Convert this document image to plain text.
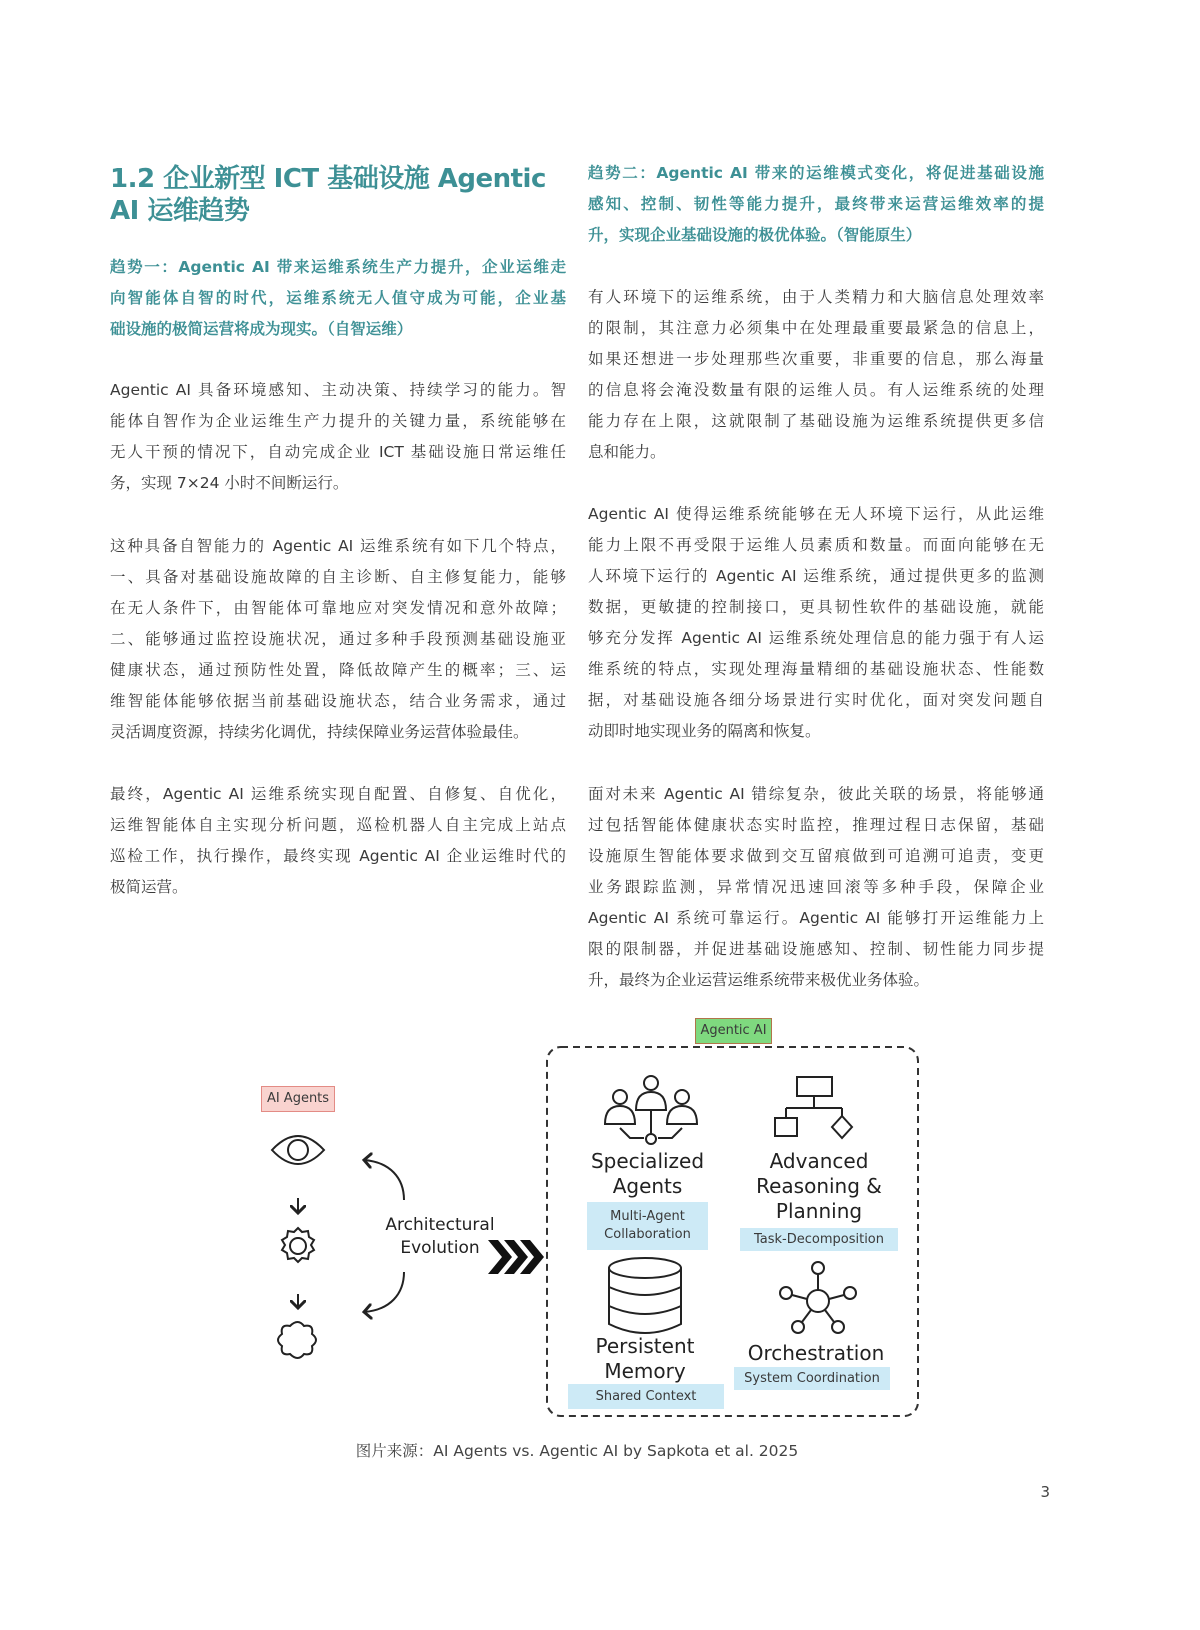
1.2 企业新型 ICT 基础设施 Agentic AI 运维趋势
趋势一：Agentic AI 带来运维系统生产力提升，企业运维走
向智能体自智的时代，运维系统无人值守成为可能，企业基
础设施的极简运营将成为现实。（自智运维）
Agentic AI 具备环境感知、主动决策、持续学习的能力。智
能体自智作为企业运维生产力提升的关键力量，系统能够在
无人干预的情况下，自动完成企业 ICT 基础设施日常运维任
务，实现 7×24 小时不间断运行。
这种具备自智能力的 Agentic AI 运维系统有如下几个特点，
一、具备对基础设施故障的自主诊断、自主修复能力，能够
在无人条件下，由智能体可靠地应对突发情况和意外故障；
二、能够通过监控设施状况，通过多种手段预测基础设施亚
健康状态，通过预防性处置，降低故障产生的概率；三、运
维智能体能够依据当前基础设施状态，结合业务需求，通过
灵活调度资源，持续劣化调优，持续保障业务运营体验最佳。
最终，Agentic AI 运维系统实现自配置、自修复、自优化，
运维智能体自主实现分析问题，巡检机器人自主完成上站点
巡检工作，执行操作，最终实现 Agentic AI 企业运维时代的
极简运营。
趋势二：Agentic AI 带来的运维模式变化，将促进基础设施
感知、控制、韧性等能力提升，最终带来运营运维效率的提
升，实现企业基础设施的极优体验。（智能原生）
有人环境下的运维系统，由于人类精力和大脑信息处理效率
的限制，其注意力必须集中在处理最重要最紧急的信息上，
如果还想进一步处理那些次重要，非重要的信息，那么海量
的信息将会淹没数量有限的运维人员。有人运维系统的处理
能力存在上限，这就限制了基础设施为运维系统提供更多信
息和能力。
Agentic AI 使得运维系统能够在无人环境下运行，从此运维
能力上限不再受限于运维人员素质和数量。而面向能够在无
人环境下运行的 Agentic AI 运维系统，通过提供更多的监测
数据，更敏捷的控制接口，更具韧性软件的基础设施，就能
够充分发挥 Agentic AI 运维系统处理信息的能力强于有人运
维系统的特点，实现处理海量精细的基础设施状态、性能数
据，对基础设施各细分场景进行实时优化，面对突发问题自
动即时地实现业务的隔离和恢复。
面对未来 Agentic AI 错综复杂，彼此关联的场景，将能够通
过包括智能体健康状态实时监控，推理过程日志保留，基础
设施原生智能体要求做到交互留痕做到可追溯可追责，变更
业务跟踪监测，异常情况迅速回滚等多种手段，保障企业
Agentic AI 系统可靠运行。Agentic AI 能够打开运维能力上
限的限制器，并促进基础设施感知、控制、韧性能力同步提
升，最终为企业运营运维系统带来极优业务体验。
AI Agents
Perception
Reasoning
Action
Architectural
Evolution
Agentic AI
Specialized
Agents
Multi-Agent
Collaboration
Advanced
Reasoning &
Planning
Task-Decomposition
Persistent
Memory
Shared Context
Orchestration
System Coordination
图片来源：AI Agents vs. Agentic AI by Sapkota et al. 2025
3
